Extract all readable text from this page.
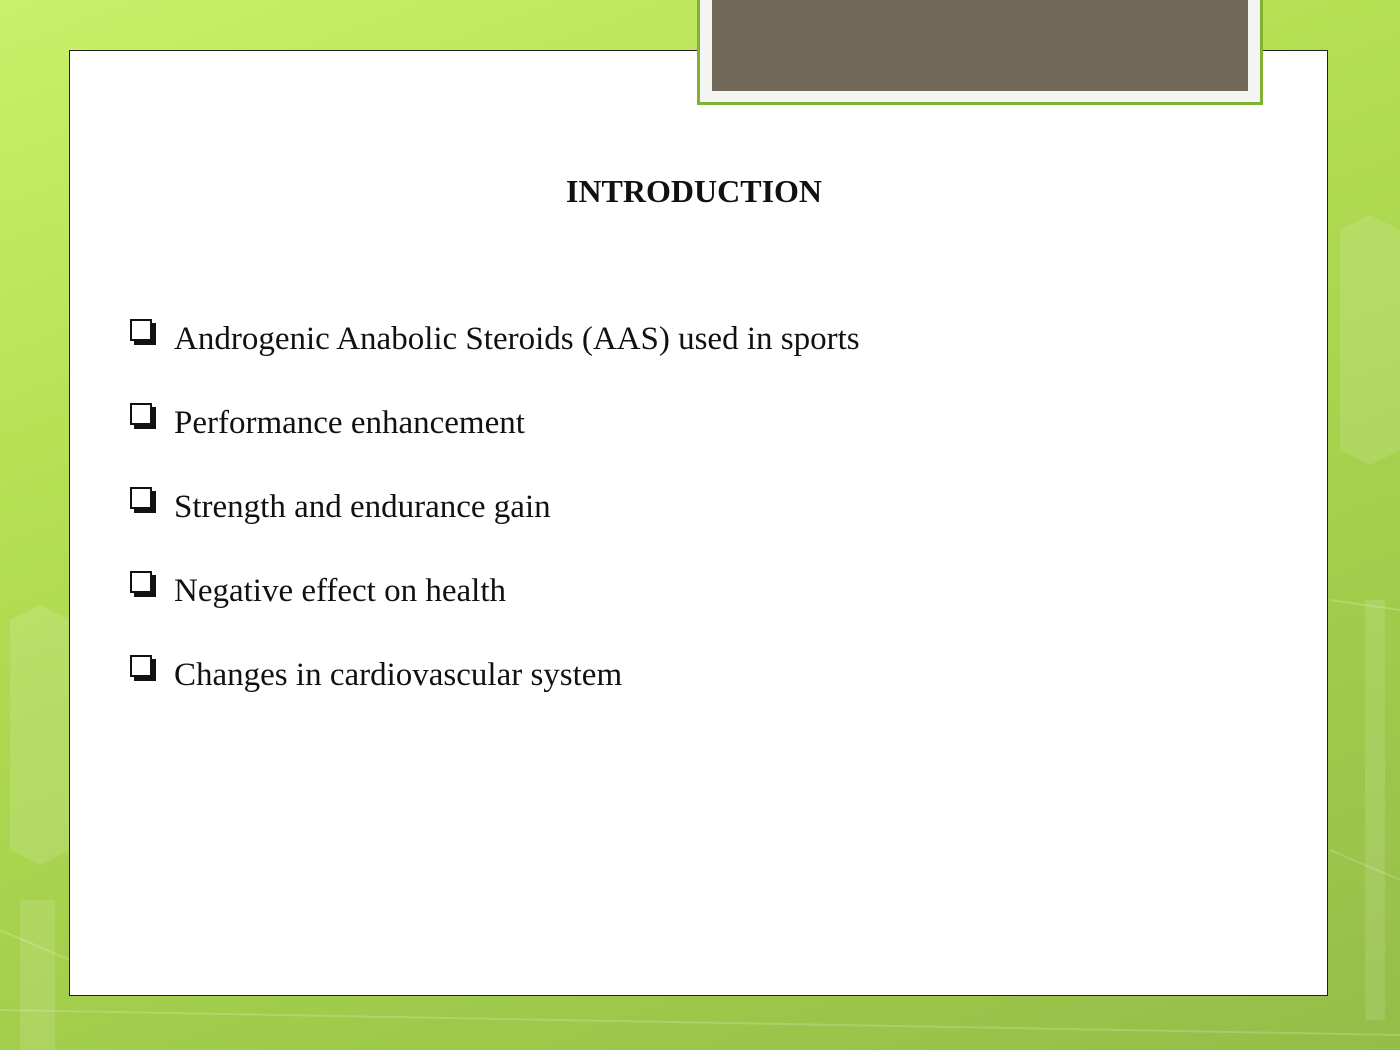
INTRODUCTION
Androgenic Anabolic Steroids (AAS) used in sports
Performance enhancement
Strength and endurance gain
Negative effect on health
Changes in cardiovascular system
